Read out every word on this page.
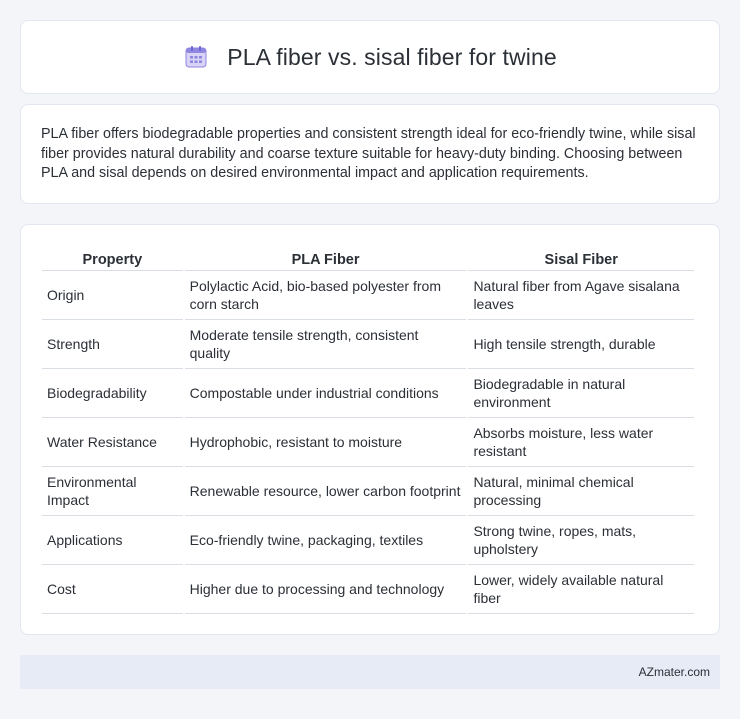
PLA fiber vs. sisal fiber for twine

PLA fiber offers biodegradable properties and consistent strength ideal for eco-friendly twine, while sisal fiber provides natural durability and coarse texture suitable for heavy-duty binding. Choosing between PLA and sisal depends on desired environmental impact and application requirements.

Property	PLA Fiber	Sisal Fiber
Origin	Polylactic Acid, bio-based polyester from corn starch	Natural fiber from Agave sisalana leaves
Strength	Moderate tensile strength, consistent quality	High tensile strength, durable
Biodegradability	Compostable under industrial conditions	Biodegradable in natural environment
Water Resistance	Hydrophobic, resistant to moisture	Absorbs moisture, less water resistant
Environmental Impact	Renewable resource, lower carbon footprint	Natural, minimal chemical processing
Applications	Eco-friendly twine, packaging, textiles	Strong twine, ropes, mats, upholstery
Cost	Higher due to processing and technology	Lower, widely available natural fiber
AZmater.com
